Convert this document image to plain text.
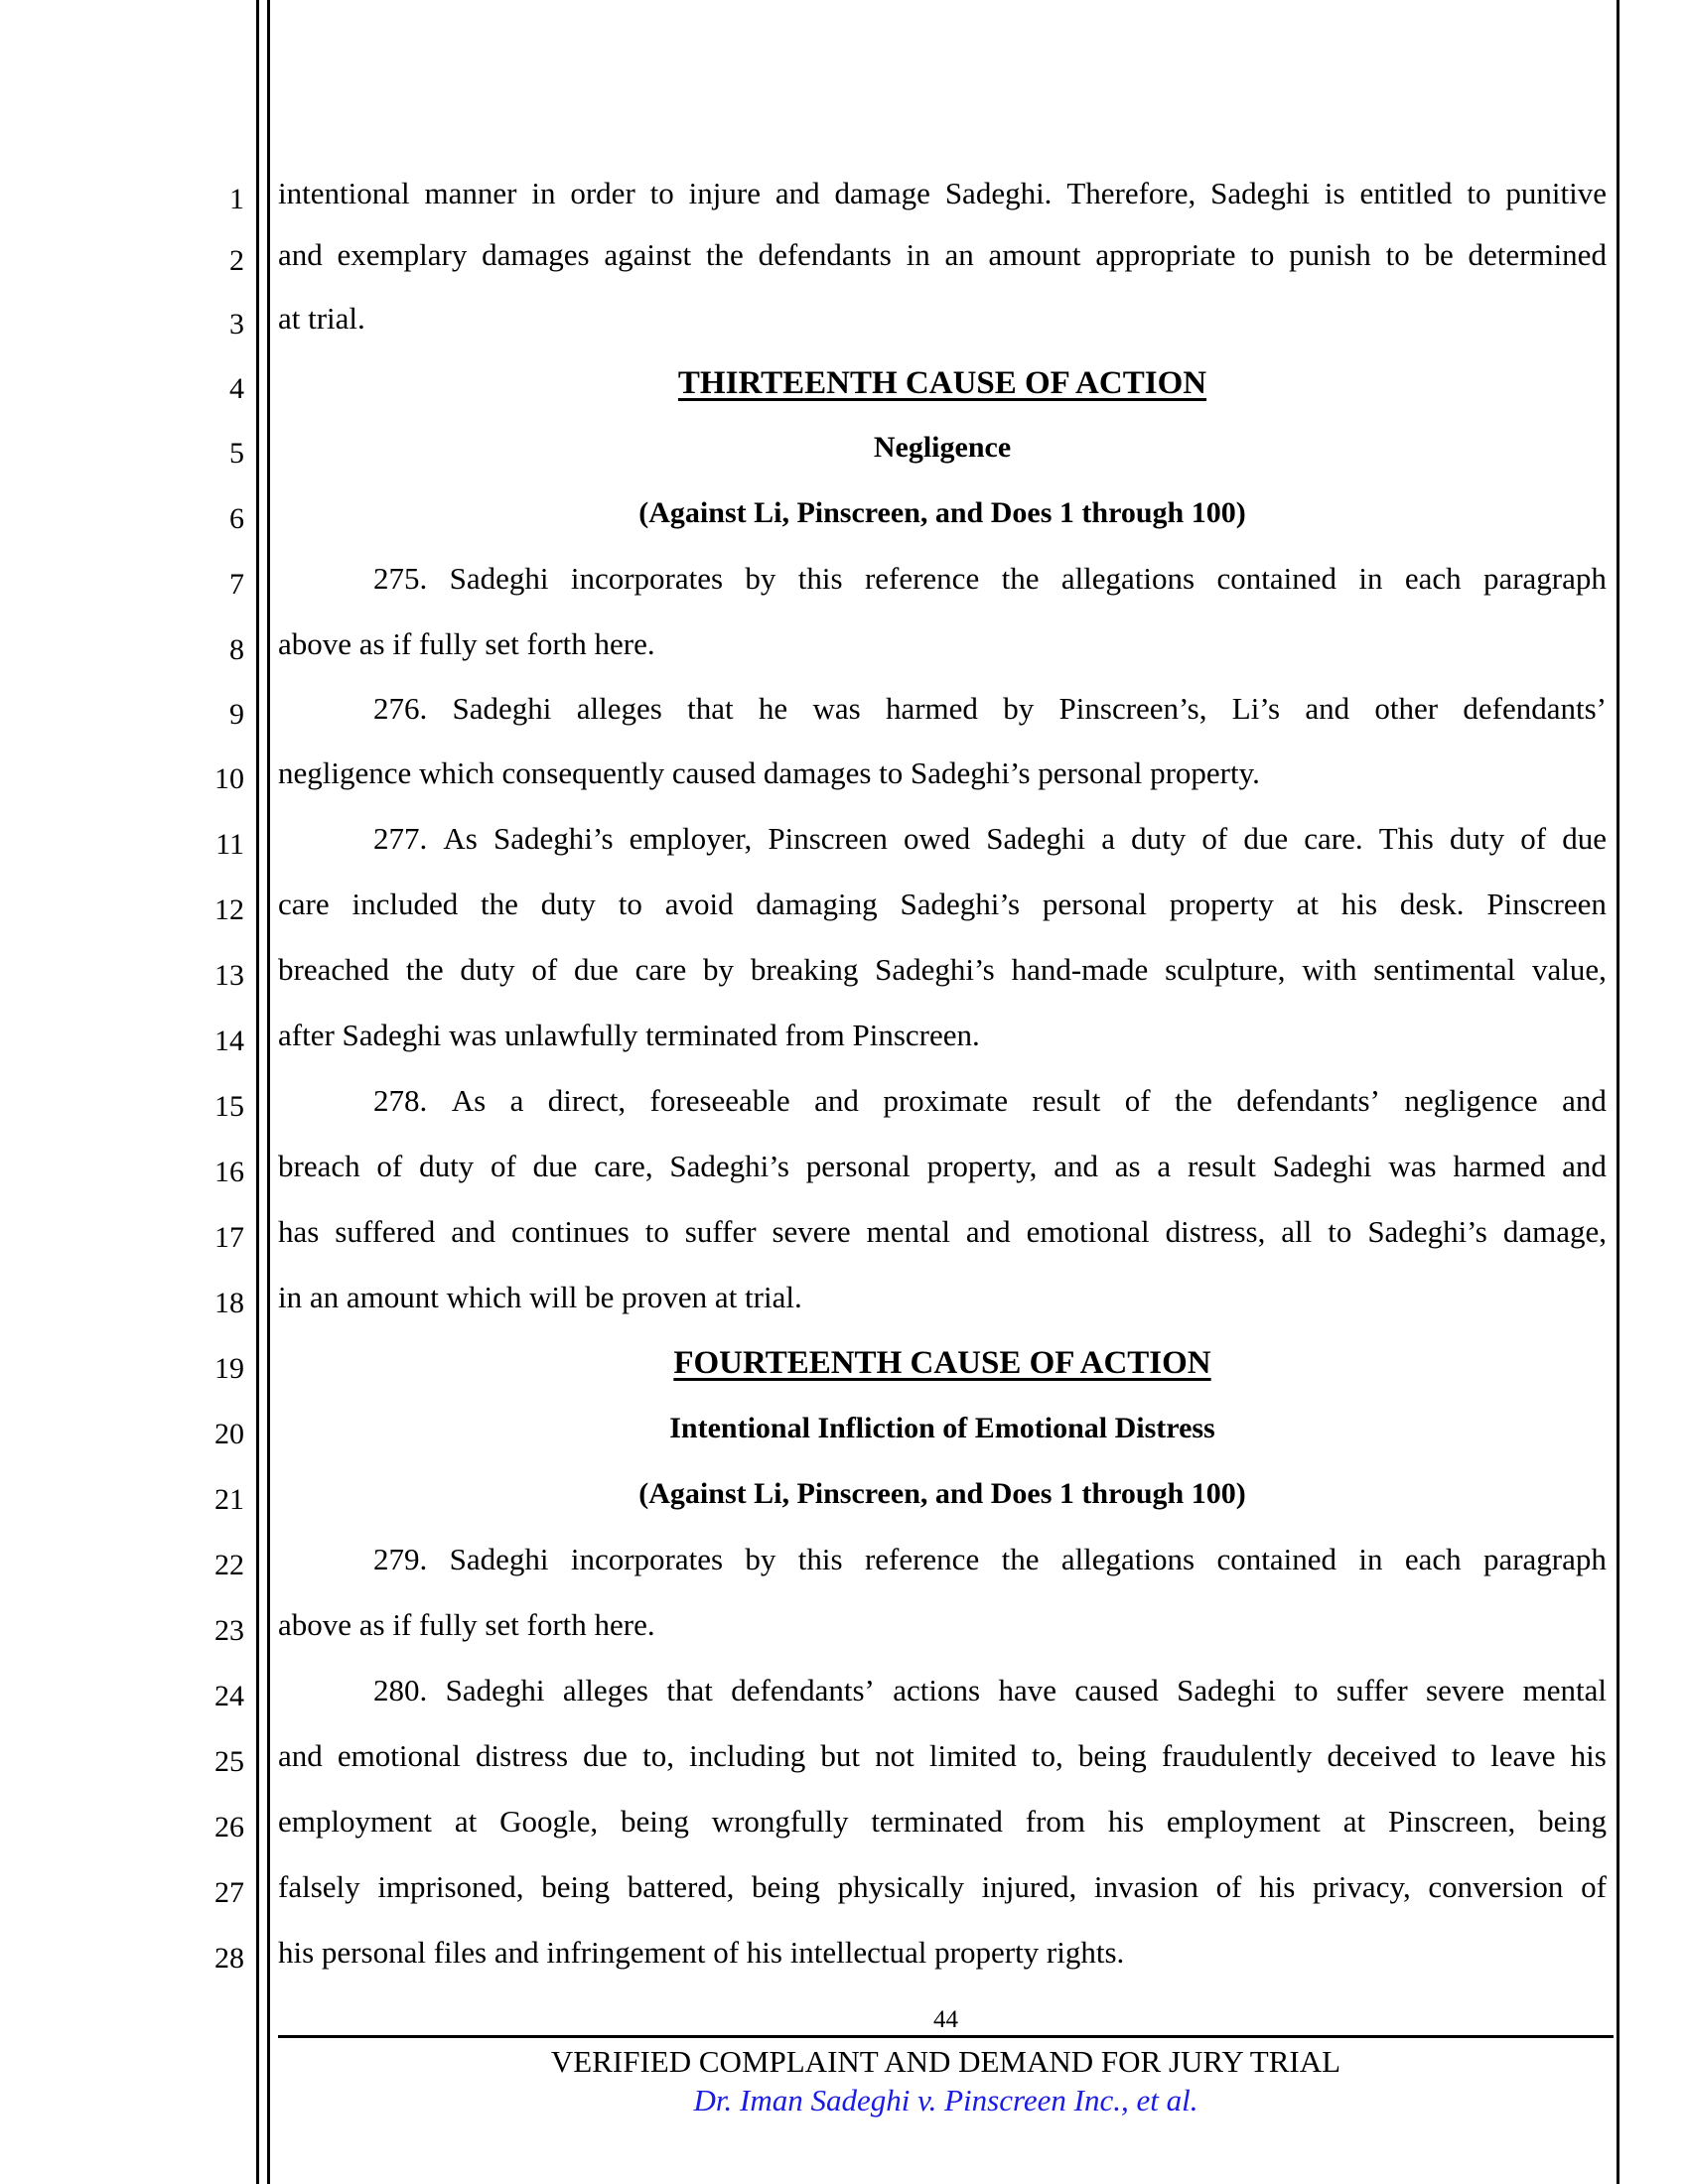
1
2
3
4
5
6
7
8
9
10
11
12
13
14
15
16
17
18
19
20
21
22
23
24
25
26
27
28
intentional manner in order to injure and damage Sadeghi. Therefore, Sadeghi is entitled to punitive
and exemplary damages against the defendants in an amount appropriate to punish to be determined
at trial.
THIRTEENTH CAUSE OF ACTION
Negligence
(Against Li, Pinscreen, and Does 1 through 100)
275. Sadeghi incorporates by this reference the allegations contained in each paragraph
above as if fully set forth here.
276. Sadeghi alleges that he was harmed by Pinscreen’s, Li’s and other defendants’
negligence which consequently caused damages to Sadeghi’s personal property.
277. As Sadeghi’s employer, Pinscreen owed Sadeghi a duty of due care. This duty of due
care included the duty to avoid damaging Sadeghi’s personal property at his desk. Pinscreen
breached the duty of due care by breaking Sadeghi’s hand-made sculpture, with sentimental value,
after Sadeghi was unlawfully terminated from Pinscreen.
278. As a direct, foreseeable and proximate result of the defendants’ negligence and
breach of duty of due care, Sadeghi’s personal property, and as a result Sadeghi was harmed and
has suffered and continues to suffer severe mental and emotional distress, all to Sadeghi’s damage,
in an amount which will be proven at trial.
FOURTEENTH CAUSE OF ACTION
Intentional Infliction of Emotional Distress
(Against Li, Pinscreen, and Does 1 through 100)
279. Sadeghi incorporates by this reference the allegations contained in each paragraph
above as if fully set forth here.
280. Sadeghi alleges that defendants’ actions have caused Sadeghi to suffer severe mental
and emotional distress due to, including but not limited to, being fraudulently deceived to leave his
employment at Google, being wrongfully terminated from his employment at Pinscreen, being
falsely imprisoned, being battered, being physically injured, invasion of his privacy, conversion of
his personal files and infringement of his intellectual property rights.
44
VERIFIED COMPLAINT AND DEMAND FOR JURY TRIAL
Dr. Iman Sadeghi v. Pinscreen Inc., et al.
